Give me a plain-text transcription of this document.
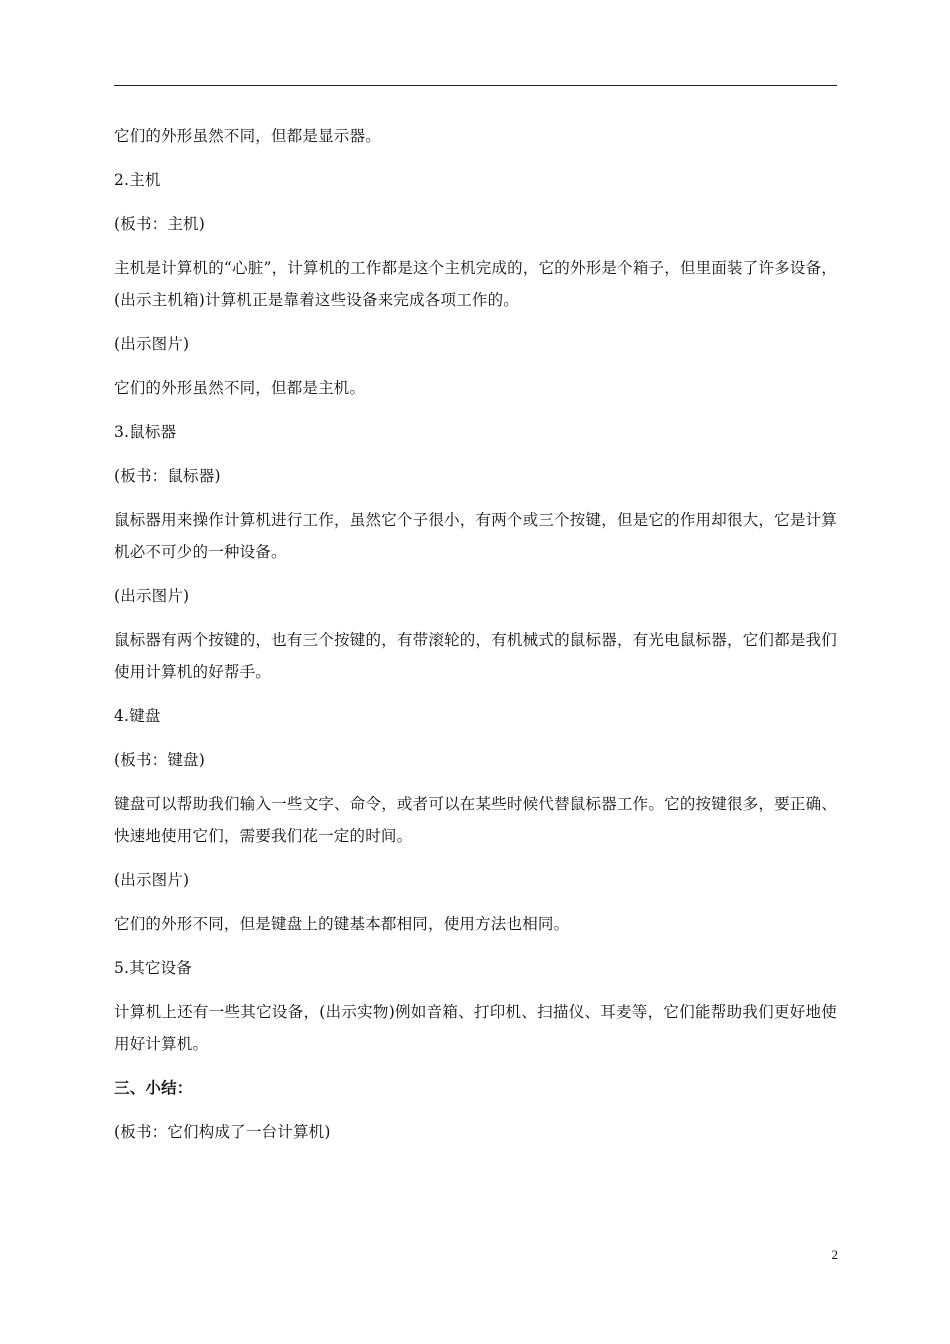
它们的外形虽然不同，但都是显示器。

2.主机

(板书：主机)

主机是计算机的“心脏”，计算机的工作都是这个主机完成的，它的外形是个箱子，但里面装了许多设备，(出示主机箱)计算机正是靠着这些设备来完成各项工作的。

(出示图片)

它们的外形虽然不同，但都是主机。

3.鼠标器

(板书：鼠标器)

鼠标器用来操作计算机进行工作，虽然它个子很小，有两个或三个按键，但是它的作用却很大，它是计算机必不可少的一种设备。

(出示图片)

鼠标器有两个按键的，也有三个按键的，有带滚轮的，有机械式的鼠标器，有光电鼠标器，它们都是我们使用计算机的好帮手。

4.键盘

(板书：键盘)

键盘可以帮助我们输入一些文字、命令，或者可以在某些时候代替鼠标器工作。它的按键很多，要正确、快速地使用它们，需要我们花一定的时间。

(出示图片)

它们的外形不同，但是键盘上的键基本都相同，使用方法也相同。

5.其它设备

计算机上还有一些其它设备，(出示实物)例如音箱、打印机、扫描仪、耳麦等，它们能帮助我们更好地使用好计算机。

三、小结：

(板书：它们构成了一台计算机)

2
